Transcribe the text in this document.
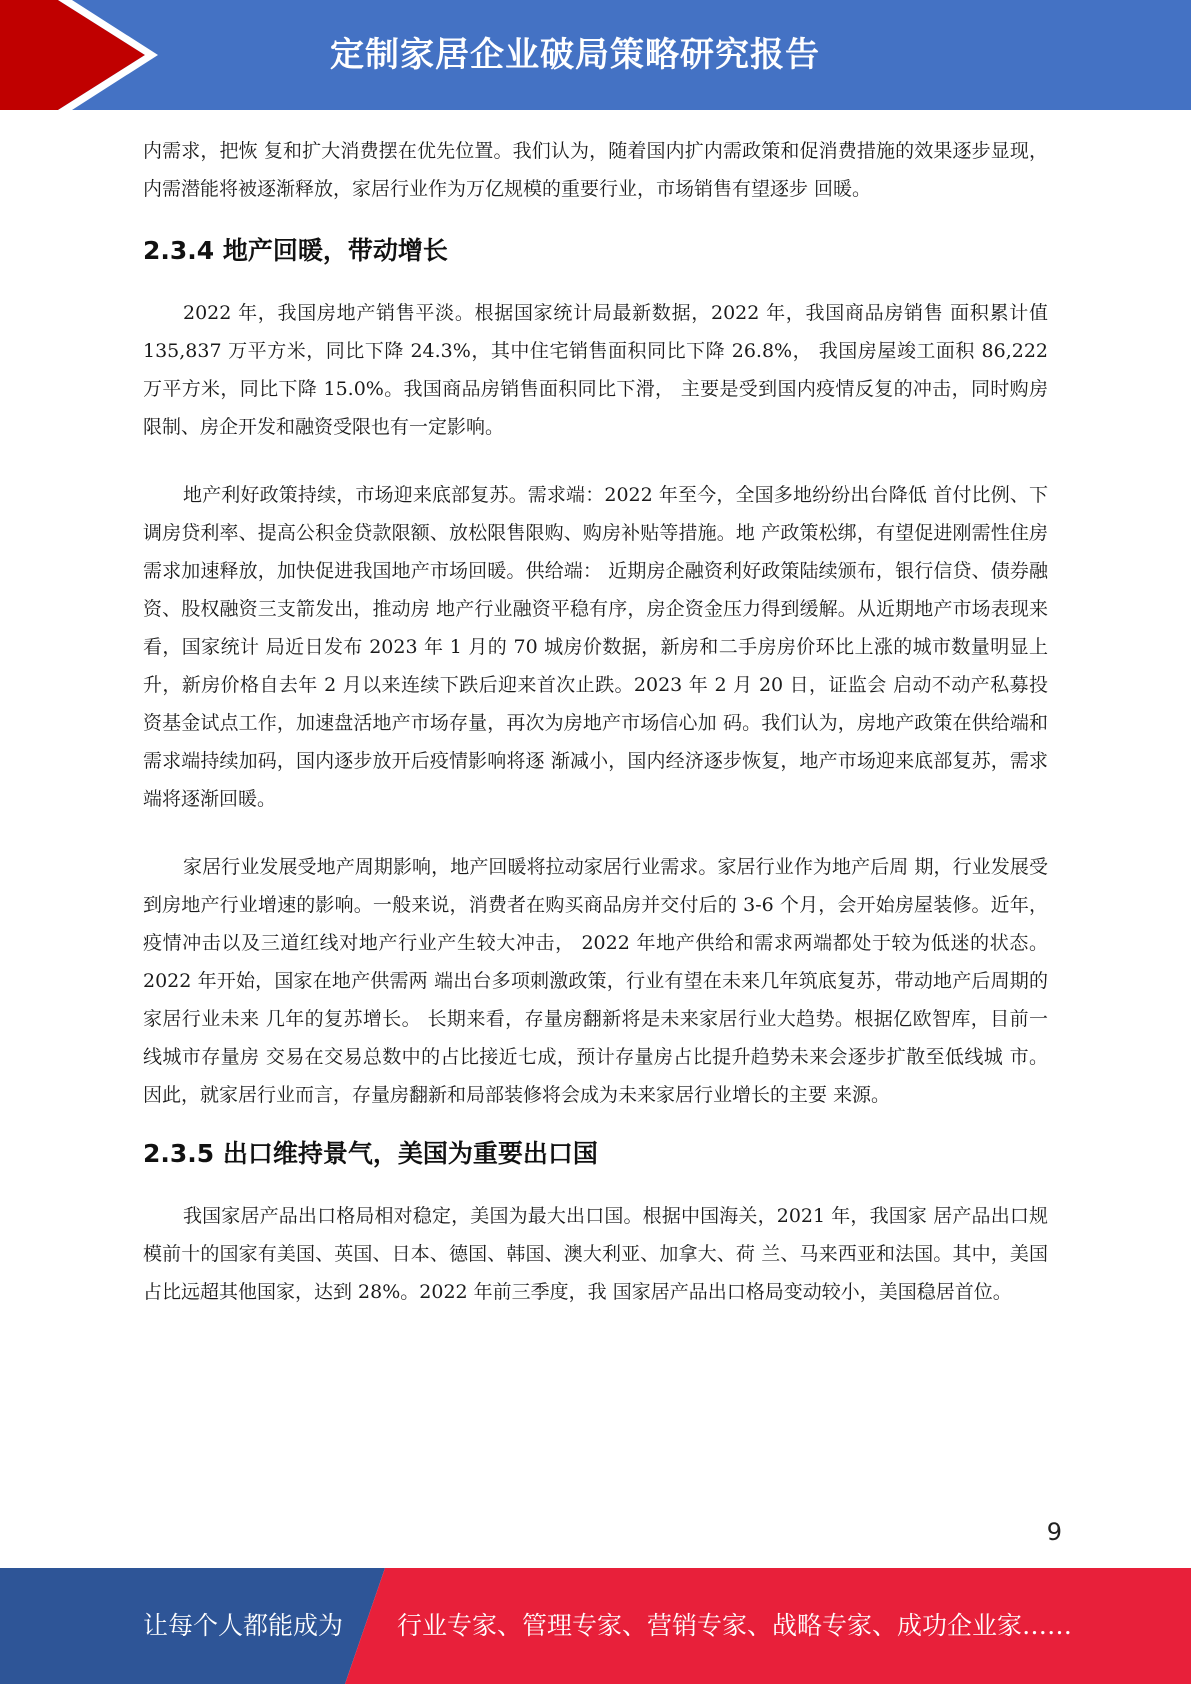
定制家居企业破局策略研究报告

内需求，把恢 复和扩大消费摆在优先位置。我们认为，随着国内扩内需政策和促消费措施的效果逐步显现，内需潜能将被逐渐释放，家居行业作为万亿规模的重要行业，市场销售有望逐步 回暖。

2.3.4 地产回暖，带动增长

2022 年，我国房地产销售平淡。根据国家统计局最新数据，2022 年，我国商品房销售 面积累计值 135,837 万平方米，同比下降 24.3%，其中住宅销售面积同比下降 26.8%， 我国房屋竣工面积 86,222 万平方米，同比下降 15.0%。我国商品房销售面积同比下滑， 主要是受到国内疫情反复的冲击，同时购房限制、房企开发和融资受限也有一定影响。

地产利好政策持续，市场迎来底部复苏。需求端：2022 年至今，全国多地纷纷出台降低 首付比例、下调房贷利率、提高公积金贷款限额、放松限售限购、购房补贴等措施。地 产政策松绑，有望促进刚需性住房需求加速释放，加快促进我国地产市场回暖。供给端： 近期房企融资利好政策陆续颁布，银行信贷、债券融资、股权融资三支箭发出，推动房 地产行业融资平稳有序，房企资金压力得到缓解。从近期地产市场表现来看，国家统计 局近日发布 2023 年 1 月的 70 城房价数据，新房和二手房房价环比上涨的城市数量明显上升，新房价格自去年 2 月以来连续下跌后迎来首次止跌。2023 年 2 月 20 日，证监会 启动不动产私募投资基金试点工作，加速盘活地产市场存量，再次为房地产市场信心加 码。我们认为，房地产政策在供给端和需求端持续加码，国内逐步放开后疫情影响将逐 渐减小，国内经济逐步恢复，地产市场迎来底部复苏，需求端将逐渐回暖。

家居行业发展受地产周期影响，地产回暖将拉动家居行业需求。家居行业作为地产后周 期，行业发展受到房地产行业增速的影响。一般来说，消费者在购买商品房并交付后的 3-6 个月，会开始房屋装修。近年，疫情冲击以及三道红线对地产行业产生较大冲击， 2022 年地产供给和需求两端都处于较为低迷的状态。2022 年开始，国家在地产供需两 端出台多项刺激政策，行业有望在未来几年筑底复苏，带动地产后周期的家居行业未来 几年的复苏增长。 长期来看，存量房翻新将是未来家居行业大趋势。根据亿欧智库，目前一线城市存量房 交易在交易总数中的占比接近七成，预计存量房占比提升趋势未来会逐步扩散至低线城 市。因此，就家居行业而言，存量房翻新和局部装修将会成为未来家居行业增长的主要 来源。

2.3.5 出口维持景气，美国为重要出口国

我国家居产品出口格局相对稳定，美国为最大出口国。根据中国海关，2021 年，我国家 居产品出口规模前十的国家有美国、英国、日本、德国、韩国、澳大利亚、加拿大、荷 兰、马来西亚和法国。其中，美国占比远超其他国家，达到 28%。2022 年前三季度，我 国家居产品出口格局变动较小，美国稳居首位。

9
让每个人都能成为 行业专家、管理专家、营销专家、战略专家、成功企业家……
